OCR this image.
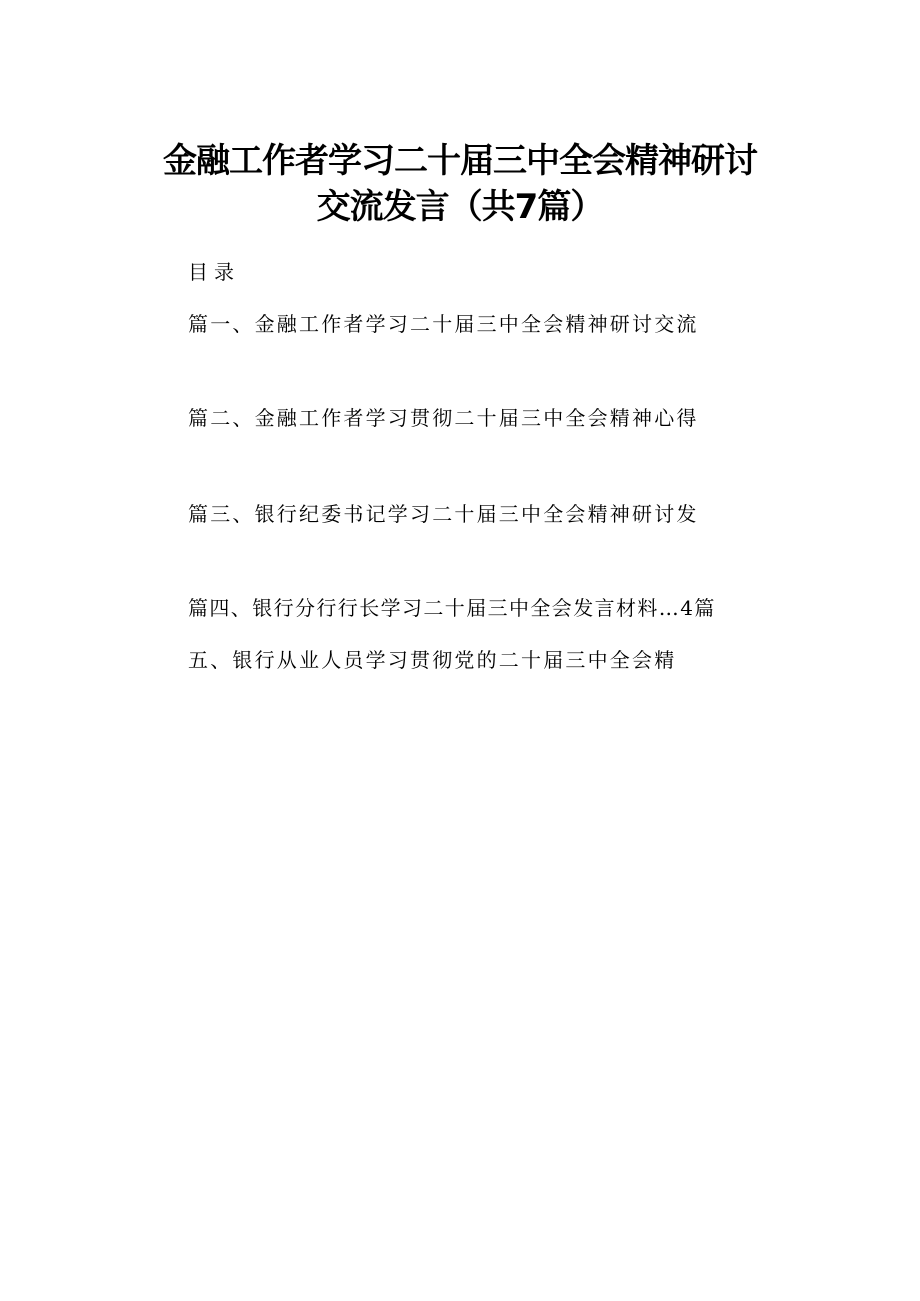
金融工作者学习二十届三中全会精神研讨
交流发言（共7篇）
目录
篇一、金融工作者学习二十届三中全会精神研讨交流
篇二、金融工作者学习贯彻二十届三中全会精神心得
篇三、银行纪委书记学习二十届三中全会精神研讨发
篇四、银行分行行长学习二十届三中全会发言材料…4篇
五、银行从业人员学习贯彻党的二十届三中全会精
